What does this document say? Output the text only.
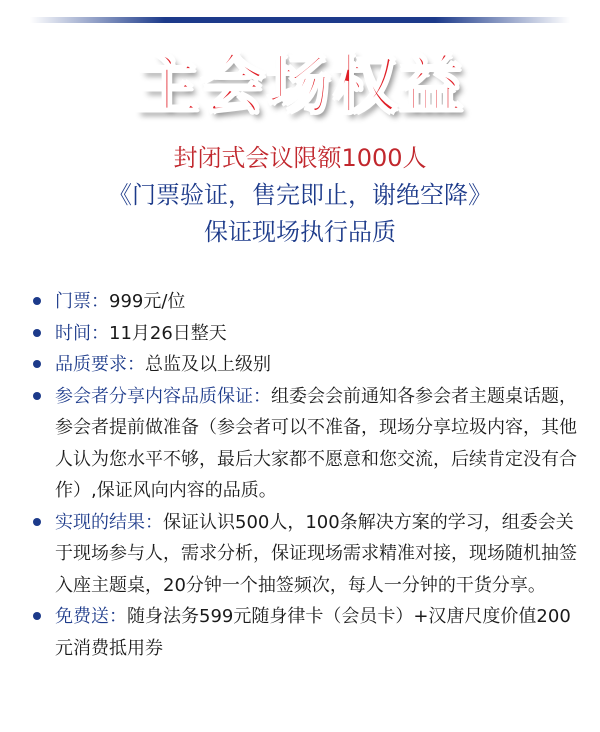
主会场权益
封闭式会议限额1000人
《门票验证，售完即止，谢绝空降》
保证现场执行品质
门票：999元/位
时间：11月26日整天
品质要求：总监及以上级别
参会者分享内容品质保证：组委会会前通知各参会者主题桌话题，参会者提前做准备（参会者可以不准备，现场分享垃圾内容，其他人认为您水平不够，最后大家都不愿意和您交流，后续肯定没有合作）,保证风向内容的品质。
实现的结果：保证认识500人，100条解决方案的学习，组委会关于现场参与人，需求分析，保证现场需求精准对接，现场随机抽签入座主题桌，20分钟一个抽签频次，每人一分钟的干货分享。
免费送：随身法务599元随身律卡（会员卡）+汉唐尺度价值200元消费抵用券
